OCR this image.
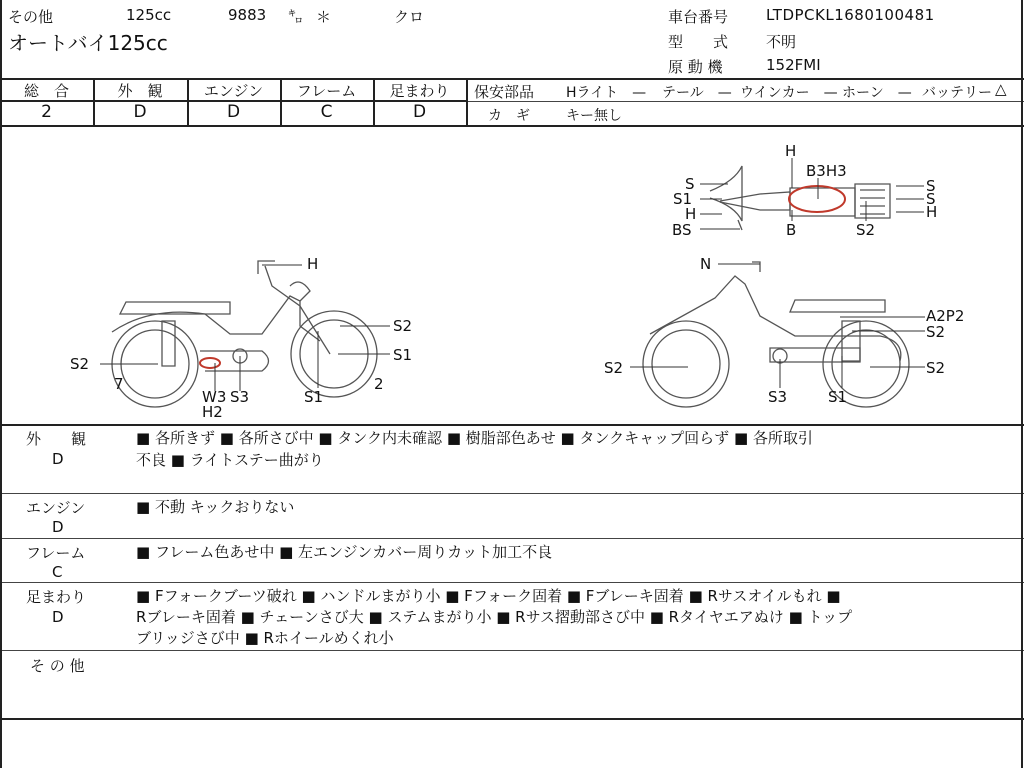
その他	125cc	9883 ㌔ ＊	クロ
オートバイ125cc
車台番号	LTDPCKL1680100481
型　　式	不明
原 動 機	152FMI
総　合	外　観	エンジン	フレーム	足まわり
2	D	D	C	D
保安部品 Hライト　— テール　— ウインカー　— ホーン　— バッテリー △
カ　ギ	キー無し
H
S2
S1
S2
7
W3
H2
S3	S1
2
N
A2P2
S2
S2	S2
S3	S1
H
B3H3
S
S1
H
BS	B
S
S
H
S2
外　　観
D
■ 各所きず ■ 各所さび中 ■ タンク内未確認 ■ 樹脂部色あせ ■ タンクキャップ回らず ■ 各所取引
不良 ■ ライトステー曲がり
エンジン
D
■ 不動 キックおりない
フレーム
C
■ フレーム色あせ中 ■ 左エンジンカバー周りカット加工不良
足まわり
D
■ Fフォークブーツ破れ ■ ハンドルまがり小 ■ Fフォーク固着 ■ Fブレーキ固着 ■ Rサスオイルもれ ■
Rブレーキ固着 ■ チェーンさび大 ■ ステムまがり小 ■ Rサス摺動部さび中 ■ Rタイヤエアぬけ ■ トップ
ブリッジさび中 ■ Rホイールめくれ小
そ の 他
